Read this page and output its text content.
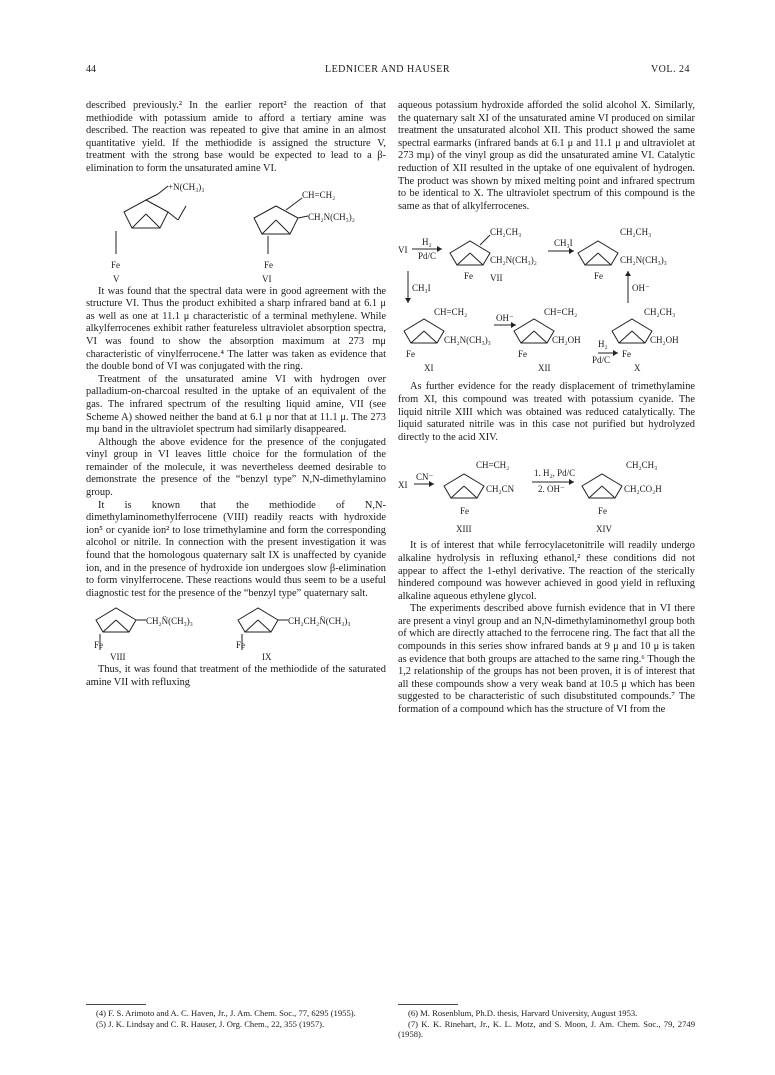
44	LEDNICER AND HAUSER	VOL. 24

described previously.² In the earlier report² the reaction of that methiodide with potassium amide to afford a tertiary amine was described. The reaction was repeated to give that amine in an almost quantitative yield. If the methiodide is assigned the structure V, treatment with the strong base would be expected to lead to a β-elimination to form the unsaturated amine VI.

+N(CH₃)₃
Fe
V
CH=CH₂
CH₂N(CH₃)₂
Fe
VI

It was found that the spectral data were in good agreement with the structure VI. Thus the product exhibited a sharp infrared band at 6.1 μ as well as one at 11.1 μ characteristic of a terminal methylene. While alkylferrocenes exhibit rather featureless ultraviolet absorption spectra, VI was found to show the absorption maximum at 273 mμ characteristic of vinylferrocene.⁴ The latter was taken as evidence that the double bond of VI was conjugated with the ring.

Treatment of the unsaturated amine VI with hydrogen over palladium-on-charcoal resulted in the uptake of an equivalent of the gas. The infrared spectrum of the resulting liquid amine, VII (see Scheme A) showed neither the band at 6.1 μ nor that at 11.1 μ. The 273 mμ band in the ultraviolet spectrum had similarly disappeared.

Although the above evidence for the presence of the conjugated vinyl group in VI leaves little choice for the formulation of the remainder of the molecule, it was nevertheless deemed desirable to demonstrate the presence of the “benzyl type” N,N-dimethylamino group.

It is known that the methiodide of N,N-dimethylaminomethylferrocene (VIII) readily reacts with hydroxide ion⁵ or cyanide ion² to lose trimethylamine and form the corresponding alcohol or nitrile. In connection with the present investigation it was found that the homologous quaternary salt IX is unaffected by cyanide ion, and in the presence of hydroxide ion undergoes slow β-elimination to form vinylferrocene. These reactions would thus seem to be a useful diagnostic test for the presence of the “benzyl type” quaternary salt.

CH₂N̈(CH₃)₃
Fe
VIII
CH₂CH₂N̈(CH₃)₃
Fe
IX

Thus, it was found that treatment of the methiodide of the saturated amine VII with refluxing

(4) F. S. Arimoto and A. C. Haven, Jr., J. Am. Chem. Soc., 77, 6295 (1955).

(5) J. K. Lindsay and C. R. Hauser, J. Org. Chem., 22, 355 (1957).

aqueous potassium hydroxide afforded the solid alcohol X. Similarly, the quaternary salt XI of the unsaturated amine VI produced on similar treatment the unsaturated alcohol XII. This product showed the same spectral earmarks (infrared bands at 6.1 μ and 11.1 μ and ultraviolet at 273 mμ) of the vinyl group as did the unsaturated amine VI. Catalytic reduction of XII resulted in the uptake of one equivalent of hydrogen. The product was shown by mixed melting point and infrared spectrum to be identical to X. The ultraviolet spectrum of this compound is the same as that of alkylferrocenes.

VI
H₂
Pd/C
CH₂CH₃
CH₂N(CH₃)₂
Fe VII
CH₃I
CH₂CH₃
CH₂N(CH₃)₃
Fe
CH₃I	OH⁻
CH=CH₂
CH₂N(CH₃)₃
Fe
XI
OH⁻
CH=CH₂
CH₂OH
Fe
XII
H₂
Pd/C
CH₂CH₃
CH₂OH
Fe
X

As further evidence for the ready displacement of trimethylamine from XI, this compound was treated with potassium cyanide. The liquid nitrile XIII which was obtained was reduced catalytically. The liquid saturated nitrile was in this case not purified but hydrolyzed directly to the acid XIV.

XI
CN⁻
CH=CH₂
CH₂CN
Fe
XIII
1. H₂, Pd/C
2. OH⁻
CH₂CH₃
CH₂CO₂H
Fe
XIV

It is of interest that while ferrocylacetonitrile will readily undergo alkaline hydrolysis in refluxing ethanol,² these conditions did not appear to affect the 1-ethyl derivative. The reaction of the sterically hindered compound was however achieved in good yield in refluxing alkaline aqueous ethylene glycol.

The experiments described above furnish evidence that in VI there are present a vinyl group and an N,N-dimethylaminomethyl group both of which are directly attached to the ferrocene ring. The fact that all the compounds in this series show infrared bands at 9 μ and 10 μ is taken as evidence that both groups are attached to the same ring.⁶ Though the 1,2 relationship of the groups has not been proven, it is of interest that all these compounds show a very weak band at 10.5 μ which has been suggested to be characteristic of such disubstituted compounds.⁷ The formation of a compound which has the structure of VI from the

(6) M. Rosenblum, Ph.D. thesis, Harvard University, August 1953.

(7) K. K. Rinehart, Jr., K. L. Motz, and S. Moon, J. Am. Chem. Soc., 79, 2749 (1958).
